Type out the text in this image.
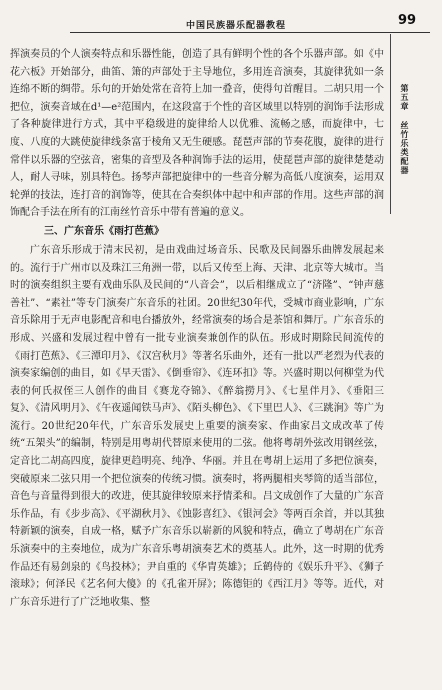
中国民族器乐配器教程	99
第五章 丝竹乐类配器

挥演奏员的个人演奏特点和乐器性能，创造了具有鲜明个性的各个乐器声部。如《中花六板》开始部分，曲笛、箫的声部处于主导地位，多用连音演奏，其旋律犹如一条连绵不断的绸带。乐句的开始处常在音符上加一叠音，使得句首醒目。二胡只用一个把位，演奏音域在d¹—e²范围内，在这段富于个性的音区域里以特别的润饰手法形成了各种旋律进行方式，其中平稳级进的旋律给人以优雅、流畅之感，而旋律中，七度、八度的大跳使旋律线条富于棱角又无生硬感。琵琶声部的节奏花腹，旋律的进行常伴以乐器的空弦音，密集的音型及各种润饰手法的运用，使琵琶声部的旋律楚楚动人，耐人寻味，别具特色。扬琴声部把旋律中的一些音分解为高低八度演奏，运用双轮弹的技法，连打音的润饰等，使其在合奏织体中起中和声部的作用。这些声部的润饰配合手法在所有的江南丝竹音乐中带有普遍的意义。

三、广东音乐《雨打芭蕉》

广东音乐形成于清末民初，是由戏曲过场音乐、民歌及民间器乐曲牌发展起来的。流行于广州市以及珠江三角洲一带，以后又传至上海、天津、北京等大城市。当时的演奏组织主要有戏曲乐队及民间的“八音会”，以后相继成立了“济隆”、“钟声慈善社”、“素社”等专门演奏广东音乐的社团。20世纪30年代，受城市商业影响，广东音乐除用于无声电影配音和电台播放外，经常演奏的场合是茶馆和舞厅。广东音乐的形成、兴盛和发展过程中曾有一批专业演奏兼创作的队伍。形成时期除民间流传的《雨打芭蕉》、《三潭印月》、《汉宫秋月》等著名乐曲外，还有一批以严老烈为代表的演奏家编创的曲目，如《早天雷》、《倒垂帘》、《连环扣》等。兴盛时期以何柳堂为代表的何氏叔侄三人创作的曲目《赛龙夺锦》、《醉翁撈月》、《七星伴月》、《垂阳三复》、《清风明月》、《午夜遥闻铁马声》、《陌头柳色》、《下里巴人》、《三跳涧》等广为流行。20世纪20年代，广东音乐发展史上重要的演奏家、作曲家吕文成改革了传统“五架头”的编制，特别是用粤胡代替原来使用的二弦。他将粤胡外弦改用钢丝弦，定音比二胡高四度，旋律更趋明亮、纯净、华丽。并且在粤胡上运用了多把位演奏，突破原来二弦只用一个把位演奏的传统习惯。演奏时，将两腿相夹琴筒的适当部位，音色与音量得到很大的改进，使其旋律较原来抒情柔和。吕文成创作了大量的广东音乐作品，有《步步高》、《平湖秋月》、《蚀影喜红》、《银河会》等两百余首，并以其独特新颖的演奏，自成一格，赋予广东音乐以崭新的风貌和特点，确立了粤胡在广东音乐演奏中的主奏地位，成为广东音乐粤胡演奏艺术的奠基人。此外，这一时期的优秀作品还有易剑泉的《鸟投林》；尹自重的《华胄英雄》；丘鹤侍的《娱乐升平》、《狮子滚球》；何泽民《艺名何大傻》的《孔雀开屏》；陈德钜的《西江月》等等。近代，对广东音乐进行了广泛地收集、整
